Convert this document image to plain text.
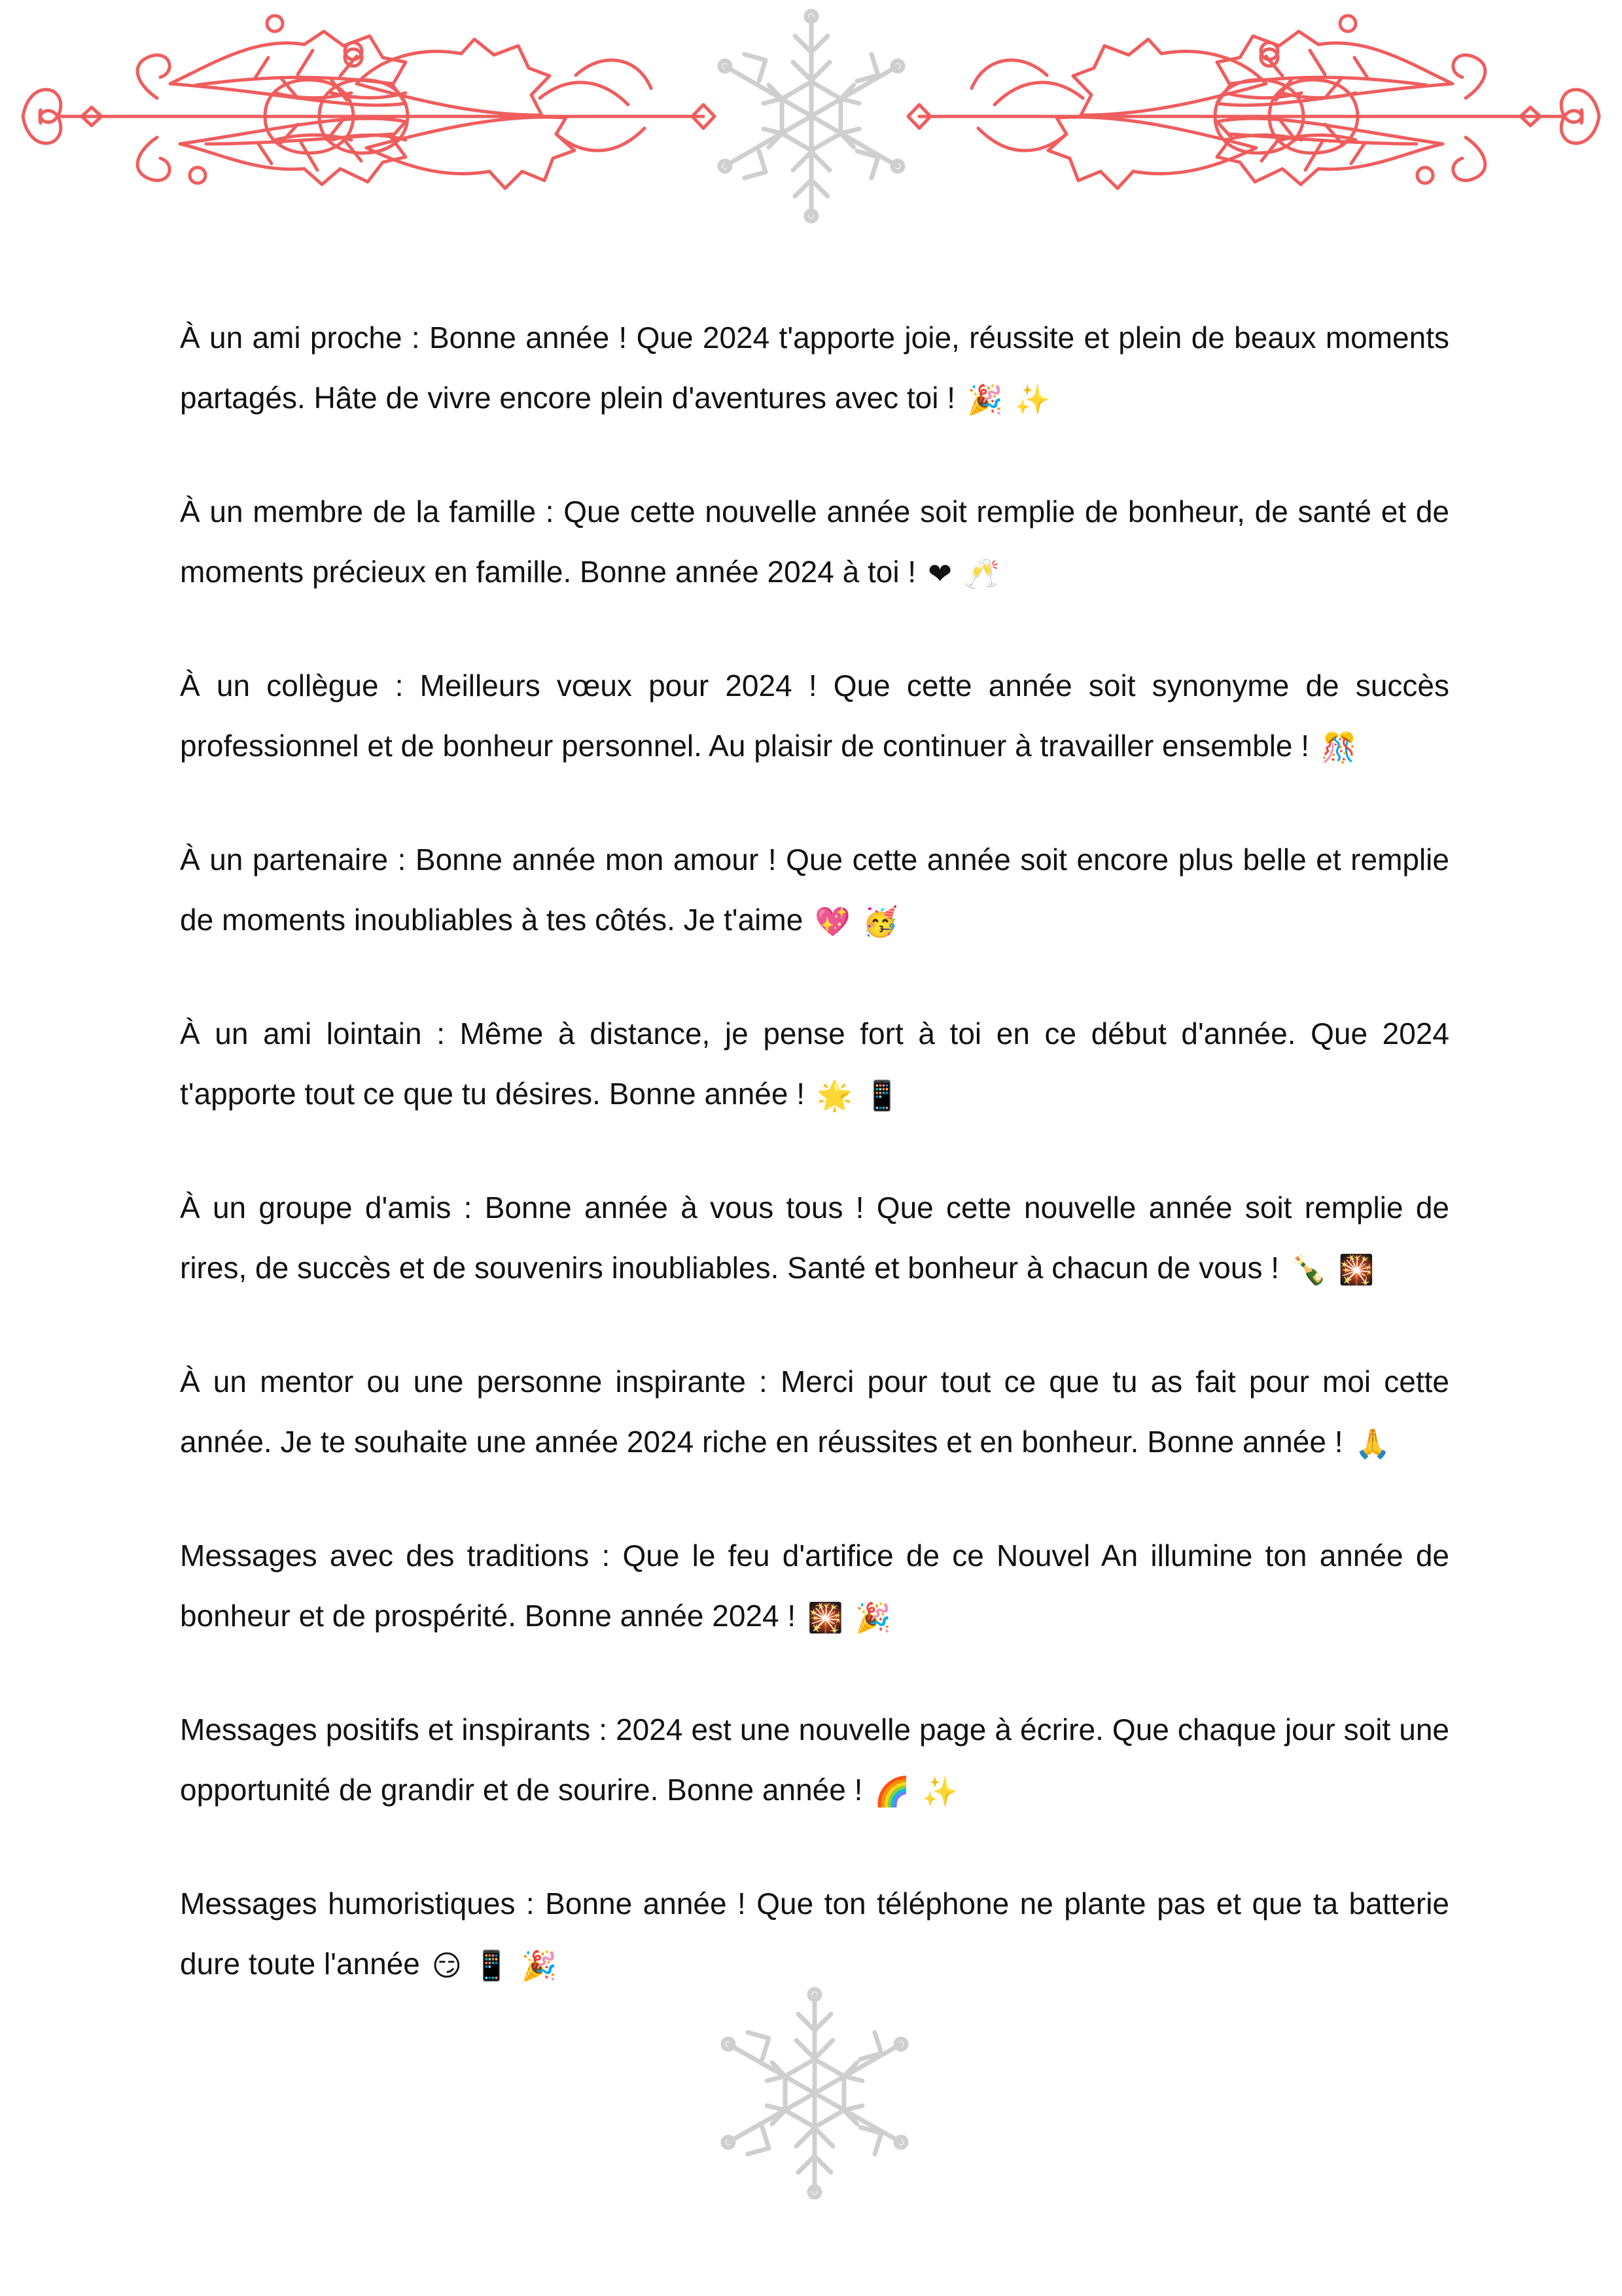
À un ami proche : Bonne année ! Que 2024 t'apporte joie, réussite et plein de beaux moments partagés. Hâte de vivre encore plein d'aventures avec toi ! 🎉 ✨

À un membre de la famille : Que cette nouvelle année soit remplie de bonheur, de santé et de moments précieux en famille. Bonne année 2024 à toi ! ❤ 🥂

À un collègue : Meilleurs vœux pour 2024 ! Que cette année soit synonyme de succès professionnel et de bonheur personnel. Au plaisir de continuer à travailler ensemble ! 🎊

À un partenaire : Bonne année mon amour ! Que cette année soit encore plus belle et remplie de moments inoubliables à tes côtés. Je t'aime 💖 🥳

À un ami lointain : Même à distance, je pense fort à toi en ce début d'année. Que 2024 t'apporte tout ce que tu désires. Bonne année ! 🌟 📱

À un groupe d'amis : Bonne année à vous tous ! Que cette nouvelle année soit remplie de rires, de succès et de souvenirs inoubliables. Santé et bonheur à chacun de vous ! 🍾 🎇

À un mentor ou une personne inspirante : Merci pour tout ce que tu as fait pour moi cette année. Je te souhaite une année 2024 riche en réussites et en bonheur. Bonne année ! 🙏

Messages avec des traditions : Que le feu d'artifice de ce Nouvel An illumine ton année de bonheur et de prospérité. Bonne année 2024 ! 🎇 🎉

Messages positifs et inspirants : 2024 est une nouvelle page à écrire. Que chaque jour soit une opportunité de grandir et de sourire. Bonne année ! 🌈 ✨

Messages humoristiques : Bonne année ! Que ton téléphone ne plante pas et que ta batterie dure toute l'année 😏 📱 🎉
